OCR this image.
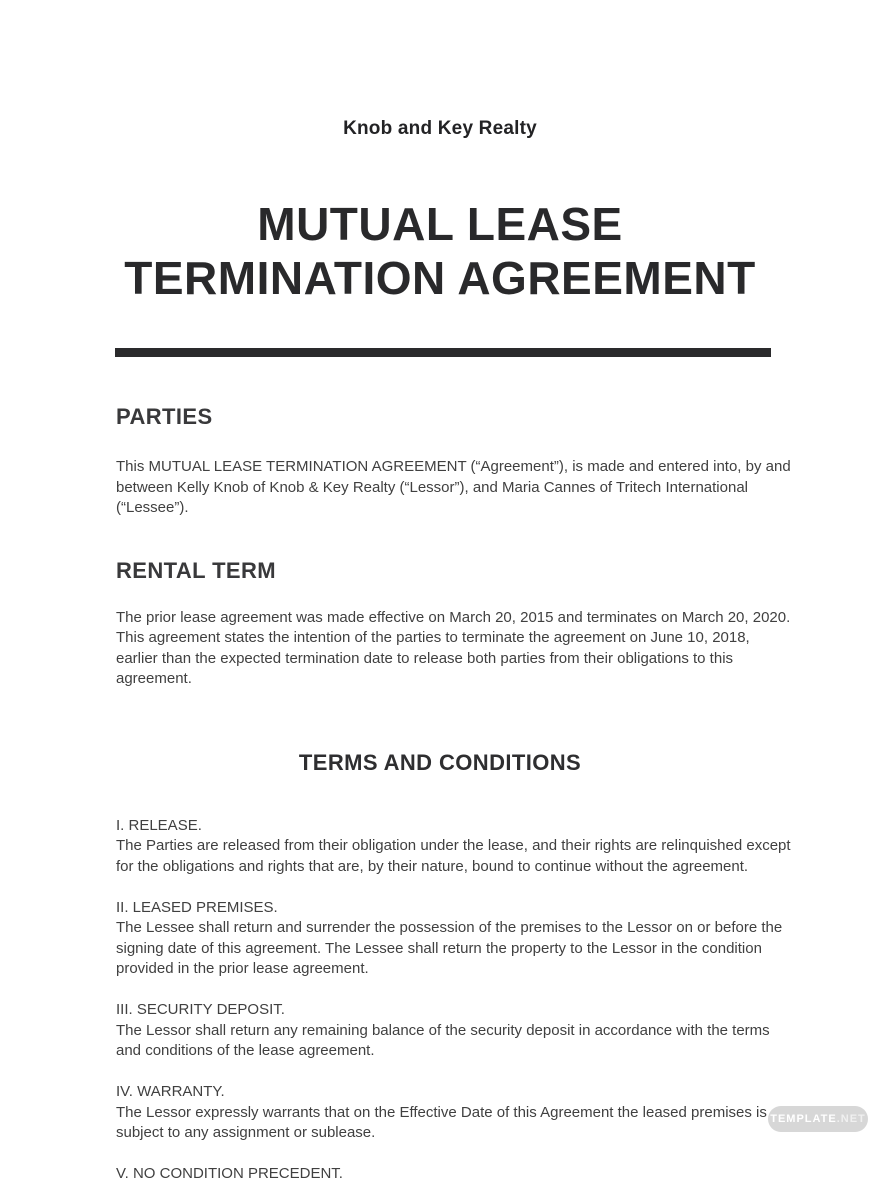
Knob and Key Realty
MUTUAL LEASE
TERMINATION AGREEMENT
PARTIES
This MUTUAL LEASE TERMINATION AGREEMENT (“Agreement”), is made and entered into, by and between Kelly Knob of Knob & Key Realty (“Lessor”), and Maria Cannes of Tritech International (“Lessee”).
RENTAL TERM
The prior lease agreement was made effective on March 20, 2015 and terminates on March 20, 2020. This agreement states the intention of the parties to terminate the agreement on June 10, 2018, earlier than the expected termination date to release both parties from their obligations to this agreement.
TERMS AND CONDITIONS
I. RELEASE.
The Parties are released from their obligation under the lease, and their rights are relinquished except for the obligations and rights that are, by their nature, bound to continue without the agreement.
II. LEASED PREMISES.
The Lessee shall return and surrender the possession of the premises to the Lessor on or before the signing date of this agreement. The Lessee shall return the property to the Lessor in the condition provided in the prior lease agreement.
III. SECURITY DEPOSIT.
The Lessor shall return any remaining balance of the security deposit in accordance with the terms and conditions of the lease agreement.
IV. WARRANTY.
The Lessor expressly warrants that on the Effective Date of this Agreement the leased premises is subject to any assignment or sublease.
V. NO CONDITION PRECEDENT.
TEMPLATE .NET
